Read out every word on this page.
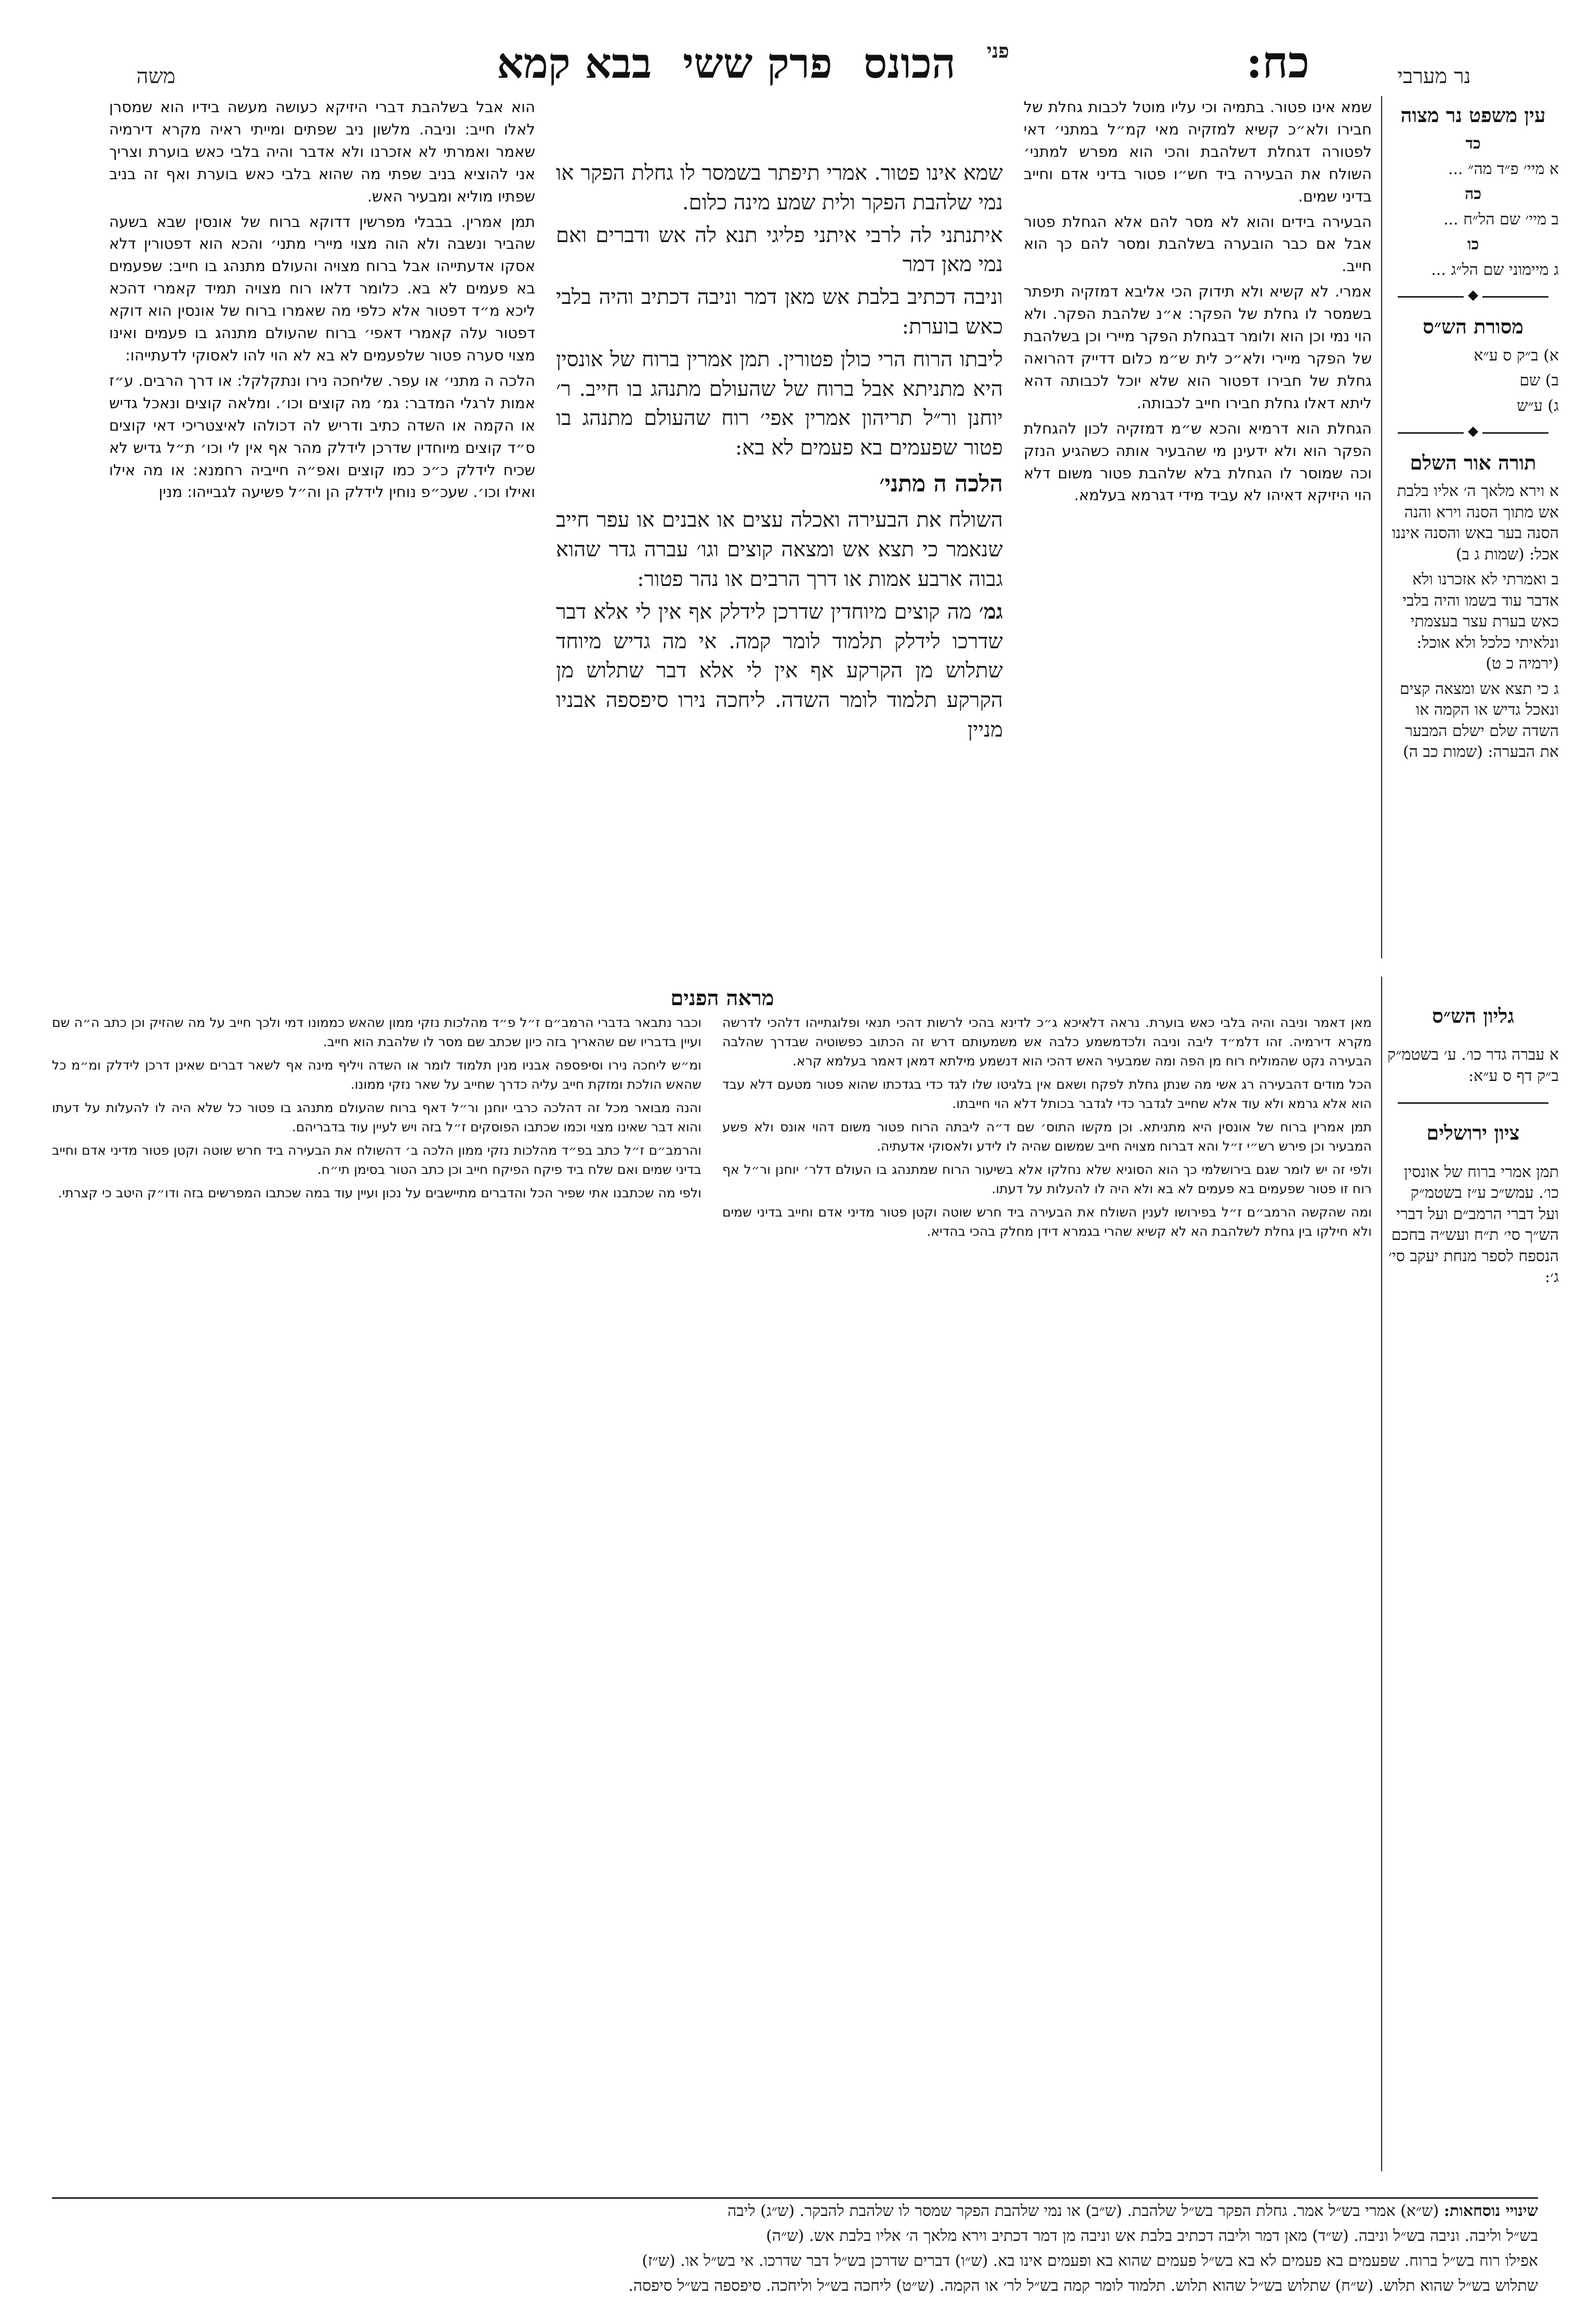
נר מערבי
כח:
פני
הכונס
פרק ששי
בבא קמא
משה
עין משפט נר מצוה

כד

א מיי׳ פ״ד מה״ ...

כה

ב מיי׳ שם הל״ח ...

כו

ג מיימוני שם הל״ג ...

◆
מסורת הש״ס

א) ב״ק ס ע״א

ב) שם

ג) ע״ש

◆
תורה אור השלם

א וירא מלאך ה׳ אליו בלבת אש מתוך הסנה וירא והנה הסנה בער באש והסנה איננו אכל: (שמות ג ב)

ב ואמרתי לא אזכרנו ולא אדבר עוד בשמו והיה בלבי כאש בערת עצר בעצמתי ונלאיתי כלכל ולא אוכל: (ירמיה כ ט)

ג כי תצא אש ומצאה קצים ונאכל גדיש או הקמה או השדה שלם ישלם המבער את הבערה: (שמות כב ה)

שמא אינו פטור. בתמיה וכי עליו מוטל לכבות גחלת של חבירו ולא״כ קשיא למזקיה מאי קמ״ל במתני׳ דאי לפטורה דגחלת דשלהבת והכי הוא מפרש למתני׳ השולח את הבעירה ביד חש״ו פטור בדיני אדם וחייב בדיני שמים.

הבעירה בידים והוא לא מסר להם אלא הגחלת פטור אבל אם כבר הובערה בשלהבת ומסר להם כך הוא חייב.

אמרי. לא קשיא ולא תידוק הכי אליבא דמזקיה תיפתר בשמסר לו גחלת של הפקר: א״נ שלהבת הפקר. ולא הוי נמי וכן הוא ולומר דבגחלת הפקר מיירי וכן בשלהבת של הפקר מיירי ולא״כ לית ש״מ כלום דדייק דהרואה גחלת של חבירו דפטור הוא שלא יוכל לכבותה דהא ליתא דאלו גחלת חבירו חייב לכבותה.

הגחלת הוא דרמיא והכא ש״מ דמזקיה לכון להגחלת הפקר הוא ולא ידעינן מי שהבעיר אותה כשהגיע הנזק וכה שמוסר לו הגחלת בלא שלהבת פטור משום דלא הוי היזיקא דאיהו לא עביד מידי דגרמא בעלמא.

שמא אינו פטור. אמרי תיפתר בשמסר לו גחלת הפקר או נמי שלהבת הפקר ולית שמע מינה כלום.

איתנתני לה לרבי איתני פליגי תנא לה אש ודברים ואם נמי מאן דמר

וניבה דכתיב בלבת אש מאן דמר וניבה דכתיב והיה בלבי כאש בוערת:

ליבתו הרוח הרי כולן פטורין. תמן אמרין ברוח של אונסין היא מתניתא אבל ברוח של שהעולם מתנהג בו חייב. ר׳ יוחנן ור״ל תריהון אמרין אפי׳ רוח שהעולם מתנהג בו פטור שפעמים בא פעמים לא בא:

הלכה ה מתני׳

השולח את הבעירה ואכלה עצים או אבנים או עפר חייב שנאמר כי תצא אש ומצאה קוצים וגו׳ עברה גדר שהוא גבוה ארבע אמות או דרך הרבים או נהר פטור:

גמ׳ מה קוצים מיוחדין שדרכן לידלק אף אין לי אלא דבר שדרכו לידלק תלמוד לומר קמה. אי מה גדיש מיוחד שתלוש מן הקרקע אף אין לי אלא דבר שתלוש מן הקרקע תלמוד לומר השדה. ליחכה נירו סיפספה אבניו מניין

הוא אבל בשלהבת דברי היזיקא כעושה מעשה בידיו הוא שמסרן לאלו חייב: וניבה. מלשון ניב שפתים ומייתי ראיה מקרא דירמיה שאמר ואמרתי לא אזכרנו ולא אדבר והיה בלבי כאש בוערת וצריך אני להוציא בניב שפתי מה שהוא בלבי כאש בוערת ואף זה בניב שפתיו מוליא ומבעיר האש.

תמן אמרין. בבבלי מפרשין דדוקא ברוח של אונסין שבא בשעה שהביר ונשבה ולא הוה מצוי מיירי מתני׳ והכא הוא דפטורין דלא אסקו אדעתייהו אבל ברוח מצויה והעולם מתנהג בו חייב: שפעמים בא פעמים לא בא. כלומר דלאו רוח מצויה תמיד קאמרי דהכא ליכא מ״ד דפטור אלא כלפי מה שאמרו ברוח של אונסין הוא דוקא דפטור עלה קאמרי דאפי׳ ברוח שהעולם מתנהג בו פעמים ואינו מצוי סערה פטור שלפעמים לא בא לא הוי להו לאסוקי לדעתייהו:

הלכה ה מתני׳ או עפר. שליחכה נירו ונתקלקל: או דרך הרבים. ע״ז אמות לרגלי המדבר: גמ׳ מה קוצים וכו׳. ומלאה קוצים ונאכל גדיש או הקמה או השדה כתיב ודריש לה דכולהו לאיצטריכי דאי קוצים ס״ד קוצים מיוחדין שדרכן לידלק מהר אף אין לי וכו׳ ת״ל גדיש לא שכיח לידלק כ״כ כמו קוצים ואפ״ה חייביה רחמנא: או מה אילו ואילו וכו׳. שעכ״פ נוחין לידלק הן וה״ל פשיעה לגבייהו: מנין

מראה הפנים

מאן דאמר וניבה והיה בלבי כאש בוערת. נראה דלאיכא ג״כ לדינא בהכי לרשות דהכי תנאי ופלוגתייהו דלהכי לדרשה מקרא דירמיה. זהו דלמ״ד ליבה וניבה ולכדמשמע כלבה אש משמעותם דרש זה הכתוב כפשוטיה שבדרך שהלבה הבעירה נקט שהמוליח רוח מן הפה ומה שמבעיר האש דהכי הוא דנשמע מילתא דמאן דאמר בעלמא קרא.

הכל מודים דהבעירה רג אשי מה שנתן גחלת לפקח ושאם אין בלגיטו שלו לגד כדי בגדכתו שהוא פטור מטעם דלא עבד הוא אלא גרמא ולא עוד אלא שחייב לגדבר כדי לגדבר בכותל דלא הוי חייבתו.

תמן אמרין ברוח של אונסין היא מתניתא. וכן מקשו התוס׳ שם ד״ה ליבתה הרוח פטור משום דהוי אונס ולא פשע המבעיר וכן פירש רש״י ז״ל והא דברוח מצויה חייב שמשום שהיה לו לידע ולאסוקי אדעתיה.

ולפי זה יש לומר שגם בירושלמי כך הוא הסוגיא שלא נחלקו אלא בשיעור הרוח שמתנהג בו העולם דלר׳ יוחנן ור״ל אף רוח זו פטור שפעמים בא פעמים לא בא ולא היה לו להעלות על דעתו.

ומה שהקשה הרמב״ם ז״ל בפירושו לענין השולח את הבעירה ביד חרש שוטה וקטן פטור מדיני אדם וחייב בדיני שמים ולא חילקו בין גחלת לשלהבת הא לא קשיא שהרי בגמרא דידן מחלק בהכי בהדיא.

וכבר נתבאר בדברי הרמב״ם ז״ל פ״ד מהלכות נזקי ממון שהאש כממונו דמי ולכך חייב על מה שהזיק וכן כתב ה״ה שם ועיין בדבריו שם שהאריך בזה כיון שכתב שם מסר לו שלהבת הוא חייב.

ומ״ש ליחכה נירו וסיפספה אבניו מנין תלמוד לומר או השדה ויליף מינה אף לשאר דברים שאינן דרכן לידלק ומ״מ כל שהאש הולכת ומזקת חייב עליה כדרך שחייב על שאר נזקי ממונו.

והנה מבואר מכל זה דהלכה כרבי יוחנן ור״ל דאף ברוח שהעולם מתנהג בו פטור כל שלא היה לו להעלות על דעתו והוא דבר שאינו מצוי וכמו שכתבו הפוסקים ז״ל בזה ויש לעיין עוד בדבריהם.

והרמב״ם ז״ל כתב בפ״ד מהלכות נזקי ממון הלכה ב׳ דהשולח את הבעירה ביד חרש שוטה וקטן פטור מדיני אדם וחייב בדיני שמים ואם שלח ביד פיקח הפיקח חייב וכן כתב הטור בסימן תי״ח.

ולפי מה שכתבנו אתי שפיר הכל והדברים מתיישבים על נכון ועיין עוד במה שכתבו המפרשים בזה ודו״ק היטב כי קצרתי.

גליון הש״ס

א עברה גדר כו׳. ע׳ בשטמ״ק ב״ק דף ס ע״א:

ציון ירושלים

תמן אמרי ברוח של אונסין כו׳. עמש״כ ע״ז בשטמ״ק ועל דברי הרמב״ם ועל דברי הש״ך סי׳ ת״ח ועש״ה בחכם הנספח לספר מנחת יעקב סי׳ ג׳:

שינויי נוסחאות: (ש״א) אמרי בש״ל אמר. גחלת הפקר בש״ל שלהבת. (ש״ב) או נמי שלהבת הפקר שמסר לו שלהבת להבקר. (ש״ג) ליבה
בש״ל וליבה. וניבה בש״ל וניבה. (ש״ד) מאן דמר וליבה דכתיב בלבת אש וניבה מן דמר דכתיב וירא מלאך ה׳ אליו בלבת אש. (ש״ה)
אפילו רוח בש״ל ברוח. שפעמים בא פעמים לא בא בש״ל פעמים שהוא בא ופעמים אינו בא. (ש״ו) דברים שדרכן בש״ל דבר שדרכו. אי בש״ל או. (ש״ז)
שתלוש בש״ל שהוא תלוש. (ש״ח) שתלוש בש״ל שהוא תלוש. תלמוד לומר קמה בש״ל לר׳ או הקמה. (ש״ט) ליחכה בש״ל וליחכה. סיפספה בש״ל סיפסה.
